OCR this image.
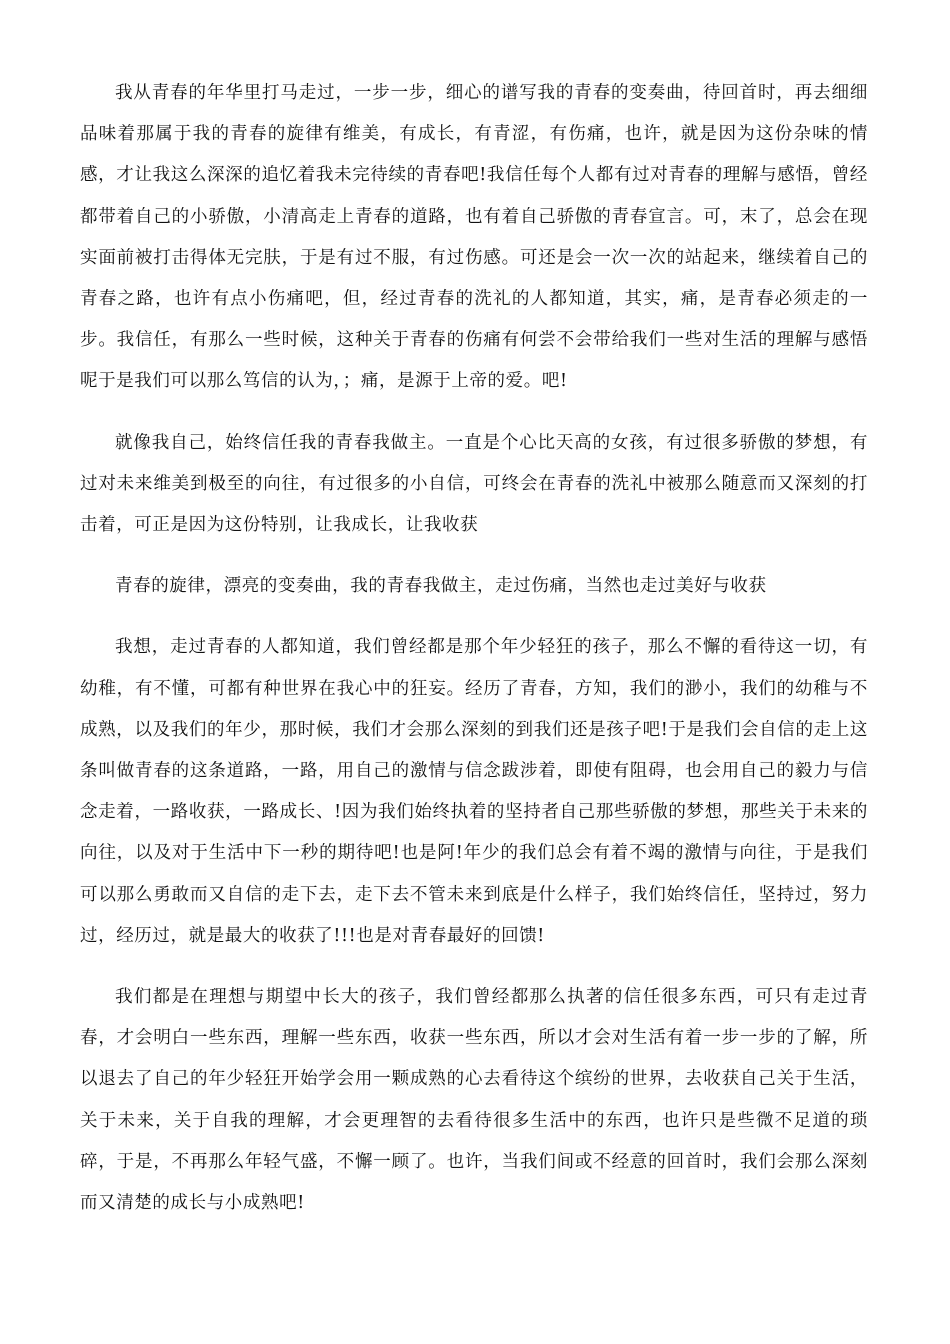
我从青春的年华里打马走过，一步一步，细心的谱写我的青春的变奏曲，待回首时，再去细细品味着那属于我的青春的旋律有维美，有成长，有青涩，有伤痛，也许，就是因为这份杂味的情感，才让我这么深深的追忆着我未完待续的青春吧!我信任每个人都有过对青春的理解与感悟，曾经都带着自己的小骄傲，小清高走上青春的道路，也有着自己骄傲的青春宣言。可，末了，总会在现实面前被打击得体无完肤，于是有过不服，有过伤感。可还是会一次一次的站起来，继续着自己的青春之路，也许有点小伤痛吧，但，经过青春的洗礼的人都知道，其实，痛，是青春必须走的一步。我信任，有那么一些时候，这种关于青春的伤痛有何尝不会带给我们一些对生活的理解与感悟呢于是我们可以那么笃信的认为，；痛，是源于上帝的爱。吧!

就像我自己，始终信任我的青春我做主。一直是个心比天高的女孩，有过很多骄傲的梦想，有过对未来维美到极至的向往，有过很多的小自信，可终会在青春的洗礼中被那么随意而又深刻的打击着，可正是因为这份特别，让我成长，让我收获

青春的旋律，漂亮的变奏曲，我的青春我做主，走过伤痛，当然也走过美好与收获

我想，走过青春的人都知道，我们曾经都是那个年少轻狂的孩子，那么不懈的看待这一切，有幼稚，有不懂，可都有种世界在我心中的狂妄。经历了青春，方知，我们的渺小，我们的幼稚与不成熟，以及我们的年少，那时候，我们才会那么深刻的到我们还是孩子吧!于是我们会自信的走上这条叫做青春的这条道路，一路，用自己的激情与信念跋涉着，即使有阻碍，也会用自己的毅力与信念走着，一路收获，一路成长、!因为我们始终执着的坚持者自己那些骄傲的梦想，那些关于未来的向往，以及对于生活中下一秒的期待吧!也是阿!年少的我们总会有着不竭的激情与向往，于是我们可以那么勇敢而又自信的走下去，走下去不管未来到底是什么样子，我们始终信任，坚持过，努力过，经历过，就是最大的收获了!!!也是对青春最好的回馈!

我们都是在理想与期望中长大的孩子，我们曾经都那么执著的信任很多东西，可只有走过青春，才会明白一些东西，理解一些东西，收获一些东西，所以才会对生活有着一步一步的了解，所以退去了自己的年少轻狂开始学会用一颗成熟的心去看待这个缤纷的世界，去收获自己关于生活，关于未来，关于自我的理解，才会更理智的去看待很多生活中的东西，也许只是些微不足道的琐碎，于是，不再那么年轻气盛，不懈一顾了。也许，当我们间或不经意的回首时，我们会那么深刻而又清楚的成长与小成熟吧!
